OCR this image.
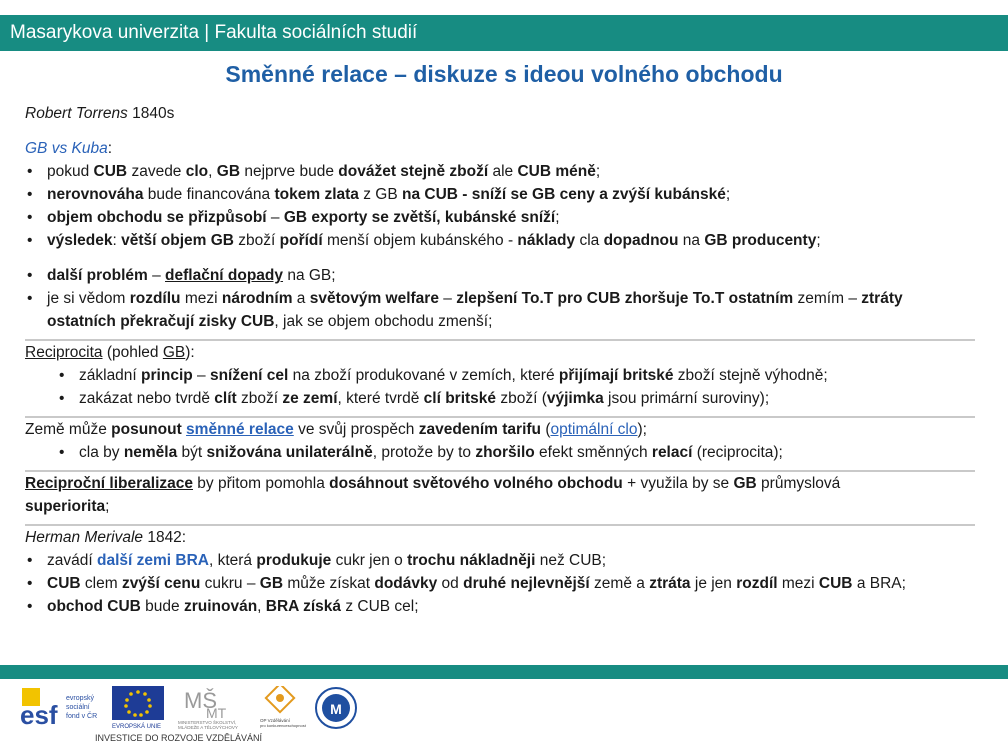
Masarykova univerzita | Fakulta sociálních studií
Směnné relace – diskuze s ideou volného obchodu

Robert Torrens 1840s

GB vs Kuba:

• pokud CUB zavede clo, GB nejprve bude dovážet stejně zboží ale CUB méně;
• nerovnováha bude financována tokem zlata z GB na CUB - sníží se GB ceny a zvýší kubánské;
• objem obchodu se přizpůsobí – GB exporty se zvětší, kubánské sníží;
• výsledek: větší objem GB zboží pořídí menší objem kubánského - náklady cla dopadnou na GB producenty;
• další problém – deflační dopady na GB;
• je si vědom rozdílu mezi národním a světovým welfare – zlepšení To.T pro CUB zhoršuje To.T ostatním zemím – ztráty ostatních překračují zisky CUB, jak se objem obchodu zmenší;

Reciprocita (pohled GB):

• základní princip – snížení cel na zboží produkované v zemích, které přijímají britské zboží stejně výhodně;
• zakázat nebo tvrdě clít zboží ze zemí, které tvrdě clí britské zboží (výjimka jsou primární suroviny);

Země může posunout směnné relace ve svůj prospěch zavedením tarifu (optimální clo);

• cla by neměla být snižována unilaterálně, protože by to zhoršilo efekt směnných relací (reciprocita);

Reciproční liberalizace by přitom pomohla dosáhnout světového volného obchodu + využila by se GB průmyslová
superiorita;

Herman Merivale 1842:

• zavádí další zemi BRA, která produkuje cukr jen o trochu nákladněji než CUB;
• CUB clem zvýší cenu cukru – GB může získat dodávky od druhé nejlevnější země a ztráta je jen rozdíl mezi CUB a BRA;
• obchod CUB bude zruinován, BRA získá z CUB cel;
esf
evropský
sociální
fond v ČR
EVROPSKÁ UNIE
MŠ
MT
MINISTERSTVO ŠKOLSTVÍ,
MLÁDEŽE A TĚLOVÝCHOVY
OP Vzdělávání
pro konkurenceschopnost
M
INVESTICE DO ROZVOJE VZDĚLÁVÁNÍ
